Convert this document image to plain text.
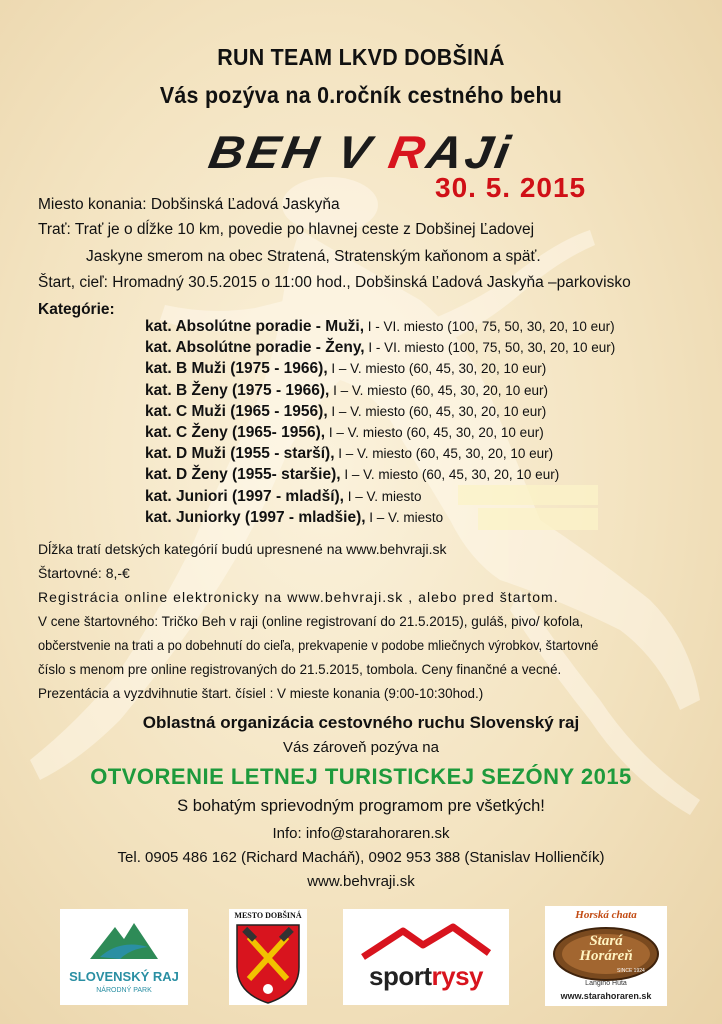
RUN TEAM LKVD DOBŠINÁ
Vás pozýva na 0.ročník cestného behu
BEH V RAJi
30. 5. 2015
Miesto konania: Dobšinská Ľadová Jaskyňa
Trať: Trať je o dĺžke 10 km, povedie po hlavnej ceste z Dobšinej Ľadovej
Jaskyne smerom na obec Stratená, Stratenským kaňonom a späť.
Štart, cieľ: Hromadný 30.5.2015 o 11:00 hod., Dobšinská Ľadová Jaskyňa –parkovisko
Kategórie:
kat. Absolútne poradie - Muži, I - VI. miesto (100, 75, 50, 30, 20, 10 eur)
kat. Absolútne poradie - Ženy, I - VI. miesto (100, 75, 50, 30, 20, 10 eur)
kat. B Muži (1975 - 1966), I – V. miesto (60, 45, 30, 20, 10 eur)
kat. B Ženy (1975 - 1966), I – V. miesto (60, 45, 30, 20, 10 eur)
kat. C Muži (1965 - 1956), I – V. miesto (60, 45, 30, 20, 10 eur)
kat. C Ženy (1965- 1956), I – V. miesto (60, 45, 30, 20, 10 eur)
kat. D Muži (1955 - starší), I – V. miesto (60, 45, 30, 20, 10 eur)
kat. D Ženy (1955- staršie), I – V. miesto (60, 45, 30, 20, 10 eur)
kat. Juniori (1997 - mladší), I – V. miesto
kat. Juniorky (1997 - mladšie), I – V. miesto
Dĺžka tratí detských kategórií budú upresnené na www.behvraji.sk
Štartovné: 8,-€
Registrácia online elektronicky na www.behvraji.sk , alebo pred štartom.
V cene štartovného: Tričko Beh v raji (online registrovaní do 21.5.2015), guláš, pivo/ kofola,
občerstvenie na trati a po dobehnutí do cieľa, prekvapenie v podobe mliečnych výrobkov, štartovné
číslo s menom pre online registrovaných do 21.5.2015, tombola. Ceny finančné a vecné.
Prezentácia a vyzdvihnutie štart. čísiel : V mieste konania (9:00-10:30hod.)
Oblastná organizácia cestovného ruchu Slovenský raj
Vás zároveň pozýva na
OTVORENIE LETNEJ TURISTICKEJ SEZÓNY 2015
S bohatým sprievodným programom pre všetkých!
Info: info@starahoraren.sk
Tel. 0905 486 162 (Richard Macháň), 0902 953 388 (Stanislav Hollienčík)
www.behvraji.sk
SLOVENSKÝ RAJ
NÁRODNÝ PARK
MESTO DOBŠINÁ
sportrysy
Horská chata
Stará
Horáreň
SINCE 1924
Langiho Huta
www.starahoraren.sk
